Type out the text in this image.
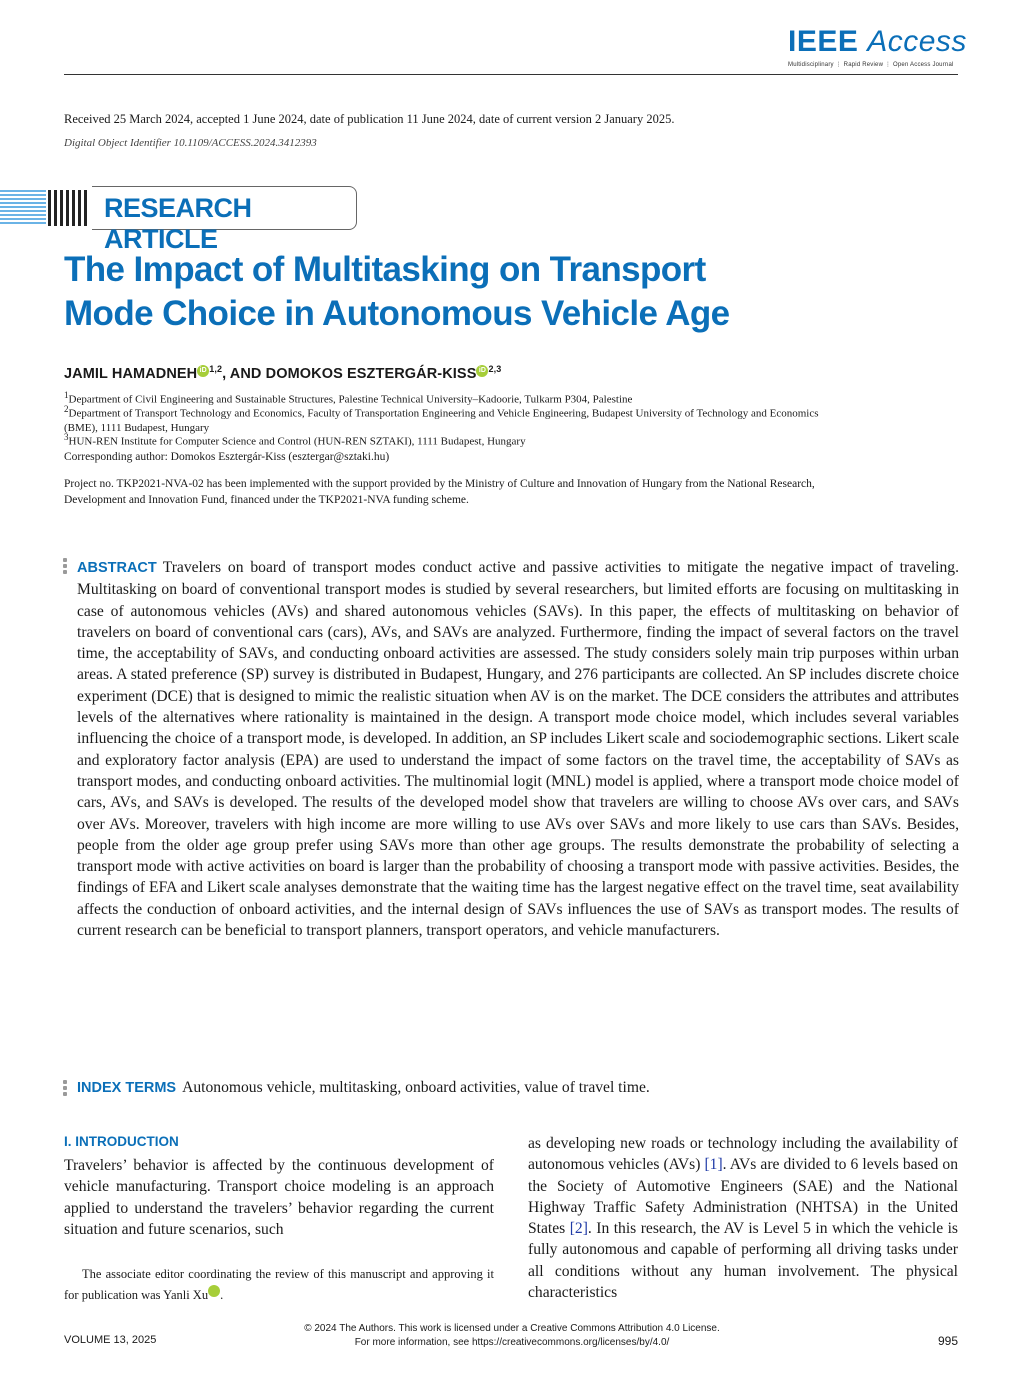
IEEE Access
Multidisciplinary ⋮ Rapid Review ⋮ Open Access Journal
Received 25 March 2024, accepted 1 June 2024, date of publication 11 June 2024, date of current version 2 January 2025.
Digital Object Identifier 10.1109/ACCESS.2024.3412393
RESEARCH ARTICLE
The Impact of Multitasking on Transport
Mode Choice in Autonomous Vehicle Age
JAMIL HAMADNEH iD $^{1,2}$, AND DOMOKOS ESZTERGÁR-KISS iD $^{2,3}$
$^1$Department of Civil Engineering and Sustainable Structures, Palestine Technical University–Kadoorie, Tulkarm P304, Palestine
$^2$Department of Transport Technology and Economics, Faculty of Transportation Engineering and Vehicle Engineering, Budapest University of Technology and Economics (BME), 1111 Budapest, Hungary
$^3$HUN-REN Institute for Computer Science and Control (HUN-REN SZTAKI), 1111 Budapest, Hungary
Corresponding author: Domokos Esztergár-Kiss (esztergar@sztaki.hu)
Project no. TKP2021-NVA-02 has been implemented with the support provided by the Ministry of Culture and Innovation of Hungary from the National Research, Development and Innovation Fund, financed under the TKP2021-NVA funding scheme.
ABSTRACT Travelers on board of transport modes conduct active and passive activities to mitigate the negative impact of traveling. Multitasking on board of conventional transport modes is studied by several researchers, but limited efforts are focusing on multitasking in case of autonomous vehicles (AVs) and shared autonomous vehicles (SAVs). In this paper, the effects of multitasking on behavior of travelers on board of conventional cars (cars), AVs, and SAVs are analyzed. Furthermore, finding the impact of several factors on the travel time, the acceptability of SAVs, and conducting onboard activities are assessed. The study considers solely main trip purposes within urban areas. A stated preference (SP) survey is distributed in Budapest, Hungary, and 276 participants are collected. An SP includes discrete choice experiment (DCE) that is designed to mimic the realistic situation when AV is on the market. The DCE considers the attributes and attributes levels of the alternatives where rationality is maintained in the design. A transport mode choice model, which includes several variables influencing the choice of a transport mode, is developed. In addition, an SP includes Likert scale and sociodemographic sections. Likert scale and exploratory factor analysis (EPA) are used to understand the impact of some factors on the travel time, the acceptability of SAVs as transport modes, and conducting onboard activities. The multinomial logit (MNL) model is applied, where a transport mode choice model of cars, AVs, and SAVs is developed. The results of the developed model show that travelers are willing to choose AVs over cars, and SAVs over AVs. Moreover, travelers with high income are more willing to use AVs over SAVs and more likely to use cars than SAVs. Besides, people from the older age group prefer using SAVs more than other age groups. The results demonstrate the probability of selecting a transport mode with active activities on board is larger than the probability of choosing a transport mode with passive activities. Besides, the findings of EFA and Likert scale analyses demonstrate that the waiting time has the largest negative effect on the travel time, seat availability affects the conduction of onboard activities, and the internal design of SAVs influences the use of SAVs as transport modes. The results of current research can be beneficial to transport planners, transport operators, and vehicle manufacturers.
INDEX TERMS Autonomous vehicle, multitasking, onboard activities, value of travel time.
I. INTRODUCTION
Travelers’ behavior is affected by the continuous development of vehicle manufacturing. Transport choice modeling is an approach applied to understand the travelers’ behavior regarding the current situation and future scenarios, such
as developing new roads or technology including the availability of autonomous vehicles (AVs) [1]. AVs are divided to 6 levels based on the Society of Automotive Engineers (SAE) and the National Highway Traffic Safety Administration (NHTSA) in the United States [2]. In this research, the AV is Level 5 in which the vehicle is fully autonomous and capable of performing all driving tasks under all conditions without any human involvement. The physical characteristics
The associate editor coordinating the review of this manuscript and approving it for publication was Yanli Xu	iD.
© 2024 The Authors. This work is licensed under a Creative Commons Attribution 4.0 License.
For more information, see https://creativecommons.org/licenses/by/4.0/
VOLUME 13, 2025	995
